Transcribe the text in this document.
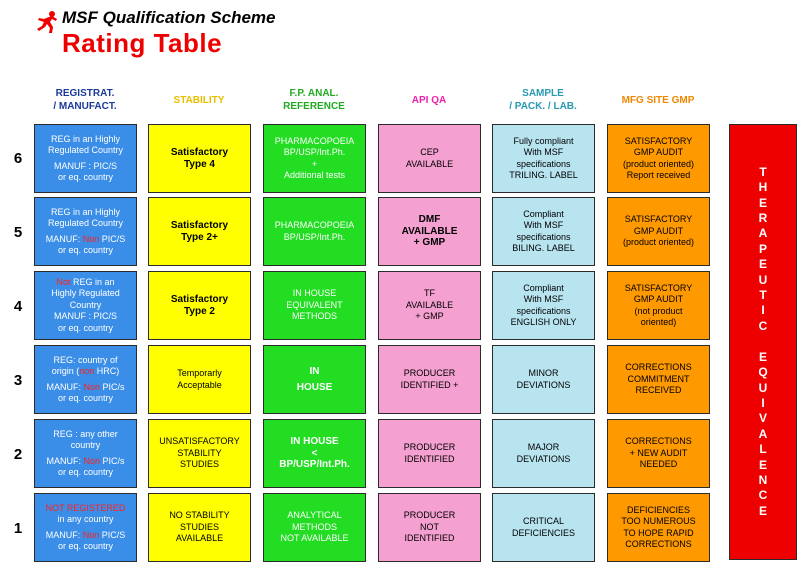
MSF Qualification Scheme
Rating Table
REGISTRAT.
/ MANUFACT.
STABILITY
F.P. ANAL.
REFERENCE
API QA
SAMPLE
/ PACK. / LAB.
MFG SITE GMP
6
REG in an Highly
Regulated Country
MANUF : PIC/S
or eq. country
Satisfactory
Type 4
PHARMACOPOEIA
BP/USP/Int.Ph.
+
Additional tests
CEP
AVAILABLE
Fully compliant
With MSF
specifications
TRILING. LABEL
SATISFACTORY
GMP AUDIT
(product oriented)
Report received
5
REG in an Highly
Regulated Country
MANUF: Non PIC/S
or eq. country
Satisfactory
Type 2+
PHARMACOPOEIA
BP/USP/Int.Ph.
DMF
AVAILABLE
+ GMP
Compliant
With MSF
specifications
BILING. LABEL
SATISFACTORY
GMP AUDIT
(product oriented)
4
Not REG in an
Highly Regulated
Country
MANUF : PIC/S
or eq. country
Satisfactory
Type 2
IN HOUSE
EQUIVALENT
METHODS
TF
AVAILABLE
+ GMP
Compliant
With MSF
specifications
ENGLISH ONLY
SATISFACTORY
GMP AUDIT
(not product
oriented)
3
REG: country of
origin (non HRC)
MANUF: Non PIC/s
or eq. country
Temporarly
Acceptable
IN
HOUSE
PRODUCER
IDENTIFIED +
MINOR
DEVIATIONS
CORRECTIONS
COMMITMENT
RECEIVED
2
REG : any other
country
MANUF: Non PIC/s
or eq. country
UNSATISFACTORY
STABILITY
STUDIES
IN HOUSE
<
BP/USP/Int.Ph.
PRODUCER
IDENTIFIED
MAJOR
DEVIATIONS
CORRECTIONS
+ NEW AUDIT
NEEDED
1
NOT REGISTERED
in any country
MANUF: Non PIC/S
or eq. country
NO STABILITY
STUDIES
AVAILABLE
ANALYTICAL
METHODS
NOT AVAILABLE
PRODUCER
NOT
IDENTIFIED
CRITICAL
DEFICIENCIES
DEFICIENCIES
TOO NUMEROUS
TO HOPE RAPID
CORRECTIONS
T
H
E
R
A
P
E
U
T
I
C

E
Q
U
I
V
A
L
E
N
C
E
